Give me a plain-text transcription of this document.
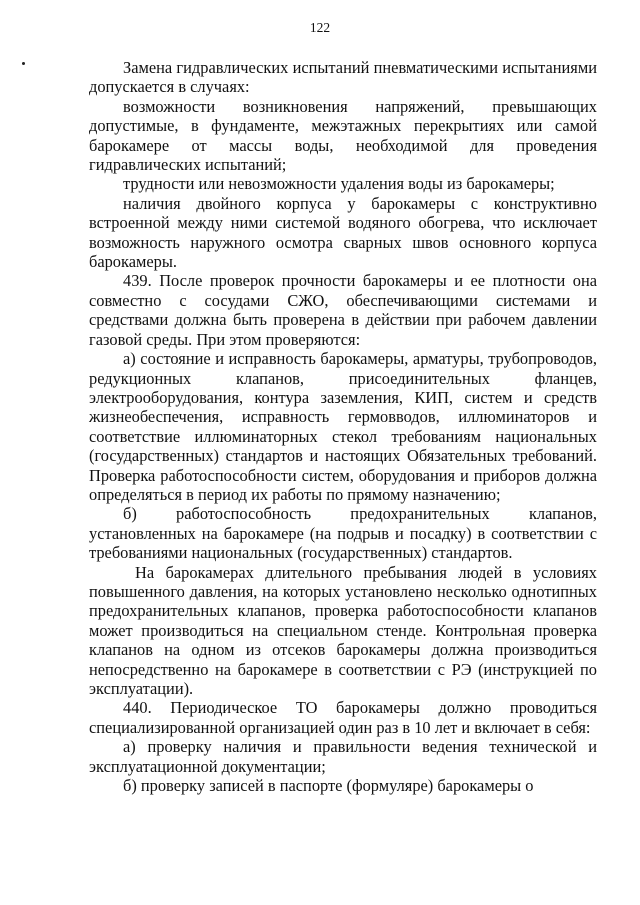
122

Замена гидравлических испытаний пневматическими испытаниями допускается в случаях:

возможности возникновения напряжений, превышающих допустимые, в фундаменте, межэтажных перекрытиях или самой барокамере от массы воды, необходимой для проведения гидравлических испытаний;

трудности или невозможности удаления воды из барокамеры;

наличия двойного корпуса у барокамеры с конструктивно встроенной между ними системой водяного обогрева, что исключает возможность наружного осмотра сварных швов основного корпуса барокамеры.

439. После проверок прочности барокамеры и ее плотности она совместно с сосудами СЖО, обеспечивающими системами и средствами должна быть проверена в действии при рабочем давлении газовой среды. При этом проверяются:

а) состояние и исправность барокамеры, арматуры, трубопроводов, редукционных клапанов, присоединительных фланцев, электрооборудования, контура заземления, КИП, систем и средств жизнеобеспечения, исправность гермовводов, иллюминаторов и соответствие иллюминаторных стекол требованиям национальных (государственных) стандартов и настоящих Обязательных требований. Проверка работоспособности систем, оборудования и приборов должна определяться в период их работы по прямому назначению;

б) работоспособность предохранительных клапанов, установленных на барокамере (на подрыв и посадку) в соответствии с требованиями национальных (государственных) стандартов.

На барокамерах длительного пребывания людей в условиях повышенного давления, на которых установлено несколько однотипных предохранительных клапанов, проверка работоспособности клапанов может производиться на специальном стенде. Контрольная проверка клапанов на одном из отсеков барокамеры должна производиться непосредственно на барокамере в соответствии с РЭ (инструкцией по эксплуатации).

440. Периодическое ТО барокамеры должно проводиться специализированной организацией один раз в 10 лет и включает в себя:

а) проверку наличия и правильности ведения технической и эксплуатационной документации;

б) проверку записей в паспорте (формуляре) барокамеры о
